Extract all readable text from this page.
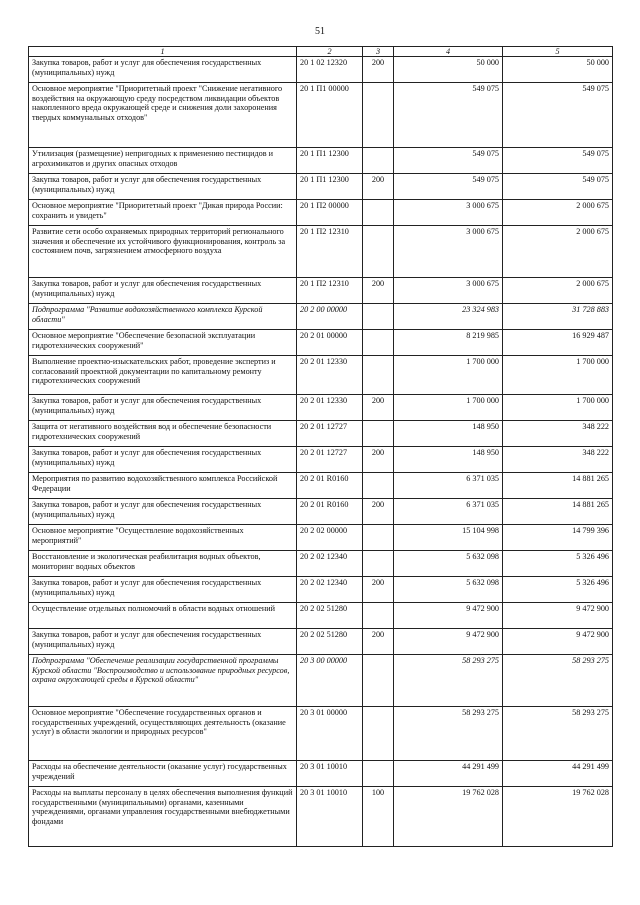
51
1	2	3	4	5
Закупка товаров, работ и услуг для обеспечения государственных (муниципальных) нужд	20 1 02 12320	200	50 000	50 000
Основное мероприятие "Приоритетный проект "Снижение негативного воздействия на окружающую среду посредством ликвидации объектов накопленного вреда окружающей среде и снижения доли захоронения твердых коммунальных отходов"	20 1 П1 00000		549 075	549 075
Утилизация (размещение) непригодных к применению пестицидов и агрохимикатов и других опасных отходов	20 1 П1 12300		549 075	549 075
Закупка товаров, работ и услуг для обеспечения государственных (муниципальных) нужд	20 1 П1 12300	200	549 075	549 075
Основное мероприятие "Приоритетный проект "Дикая природа России: сохранить и увидеть"	20 1 П2 00000		3 000 675	2 000 675
Развитие сети особо охраняемых природных территорий регионального значения и обеспечение их устойчивого функционирования, контроль за состоянием почв, загрязнением атмосферного воздуха	20 1 П2 12310		3 000 675	2 000 675
Закупка товаров, работ и услуг для обеспечения государственных (муниципальных) нужд	20 1 П2 12310	200	3 000 675	2 000 675
Подпрограмма "Развитие водохозяйственного комплекса Курской области"	20 2 00 00000		23 324 983	31 728 883
Основное мероприятие "Обеспечение безопасной эксплуатации гидротехнических сооружений"	20 2 01 00000		8 219 985	16 929 487
Выполнение проектно-изыскательских работ, проведение экспертиз и согласований проектной документации по капитальному ремонту гидротехнических сооружений	20 2 01 12330		1 700 000	1 700 000
Закупка товаров, работ и услуг для обеспечения государственных (муниципальных) нужд	20 2 01 12330	200	1 700 000	1 700 000
Защита от негативного воздействия вод и обеспечение безопасности гидротехнических сооружений	20 2 01 12727		148 950	348 222
Закупка товаров, работ и услуг для обеспечения государственных (муниципальных) нужд	20 2 01 12727	200	148 950	348 222
Мероприятия по развитию водохозяйственного комплекса Российской Федерации	20 2 01 R0160		6 371 035	14 881 265
Закупка товаров, работ и услуг для обеспечения государственных (муниципальных) нужд	20 2 01 R0160	200	6 371 035	14 881 265
Основное мероприятие "Осуществление водохозяйственных мероприятий"	20 2 02 00000		15 104 998	14 799 396
Восстановление и экологическая реабилитация водных объектов, мониторинг водных объектов	20 2 02 12340		5 632 098	5 326 496
Закупка товаров, работ и услуг для обеспечения государственных (муниципальных) нужд	20 2 02 12340	200	5 632 098	5 326 496
Осуществление отдельных полномочий в области водных отношений	20 2 02 51280		9 472 900	9 472 900
Закупка товаров, работ и услуг для обеспечения государственных (муниципальных) нужд	20 2 02 51280	200	9 472 900	9 472 900
Подпрограмма "Обеспечение реализации государственной программы Курской области "Воспроизводство и использование природных ресурсов, охрана окружающей среды в Курской области"	20 3 00 00000		58 293 275	58 293 275
Основное мероприятие "Обеспечение государственных органов и государственных учреждений, осуществляющих деятельность (оказание услуг) в области экологии и природных ресурсов"	20 3 01 00000		58 293 275	58 293 275
Расходы на обеспечение деятельности (оказание услуг) государственных учреждений	20 3 01 10010		44 291 499	44 291 499
Расходы на выплаты персоналу в целях обеспечения выполнения функций государственными (муниципальными) органами, казенными учреждениями, органами управления государственными внебюджетными фондами	20 3 01 10010	100	19 762 028	19 762 028
